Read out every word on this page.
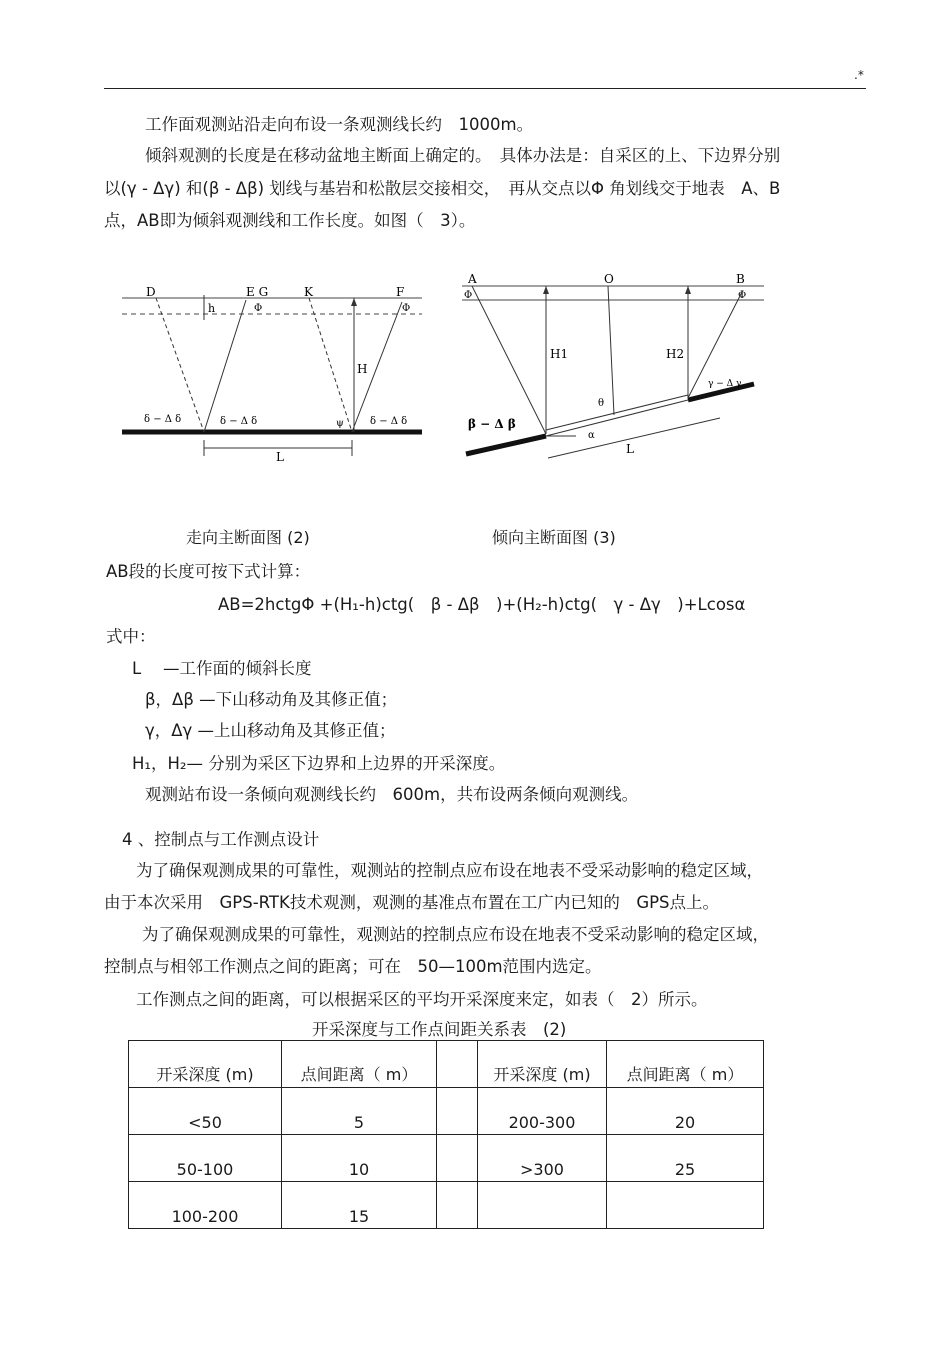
.*
工作面观测站沿走向布设一条观测线长约　1000m。
倾斜观测的长度是在移动盆地主断面上确定的。　具体办法是：自采区的上、下边界分别
以(γ - Δγ) 和(β - Δβ) 划线与基岩和松散层交接相交，　再从交点以Φ 角划线交于地表　A、B
点，AB即为倾斜观测线和工作长度。如图（　3）。
D	E G	K	F
h	Φ	Φ
H
ψ
δ − Δ δ	δ − Δ δ	δ − Δ δ
L
A	O	B
Φ	Φ
H1	H2
θ
α
β − Δ β
γ − Δ γ
L
走向主断面图 (2)	倾向主断面图 (3)
AB段的长度可按下式计算：
AB=2hctgΦ +(H₁-h)ctg(　β - Δβ　)+(H₂-h)ctg(　γ - Δγ　)+Lcosα
式中：
L　 —工作面的倾斜长度
β，Δβ —下山移动角及其修正值；
γ，Δγ —上山移动角及其修正值；
H₁，H₂— 分别为采区下边界和上边界的开采深度。
观测站布设一条倾向观测线长约　600m，共布设两条倾向观测线。
4 、控制点与工作测点设计
为了确保观测成果的可靠性，观测站的控制点应布设在地表不受采动影响的稳定区域，
由于本次采用　GPS-RTK技术观测，观测的基准点布置在工广内已知的　GPS点上。
为了确保观测成果的可靠性，观测站的控制点应布设在地表不受采动影响的稳定区域，
控制点与相邻工作测点之间的距离；可在　50—100m范围内选定。
工作测点之间的距离，可以根据采区的平均开采深度来定，如表（　2）所示。
开采深度与工作点间距关系表　(2)
开采深度 (m)	点间距离（ m）		开采深度 (m)	点间距离（ m）
<50	5		200-300	20
50-100	10		>300	25
100-200	15			
